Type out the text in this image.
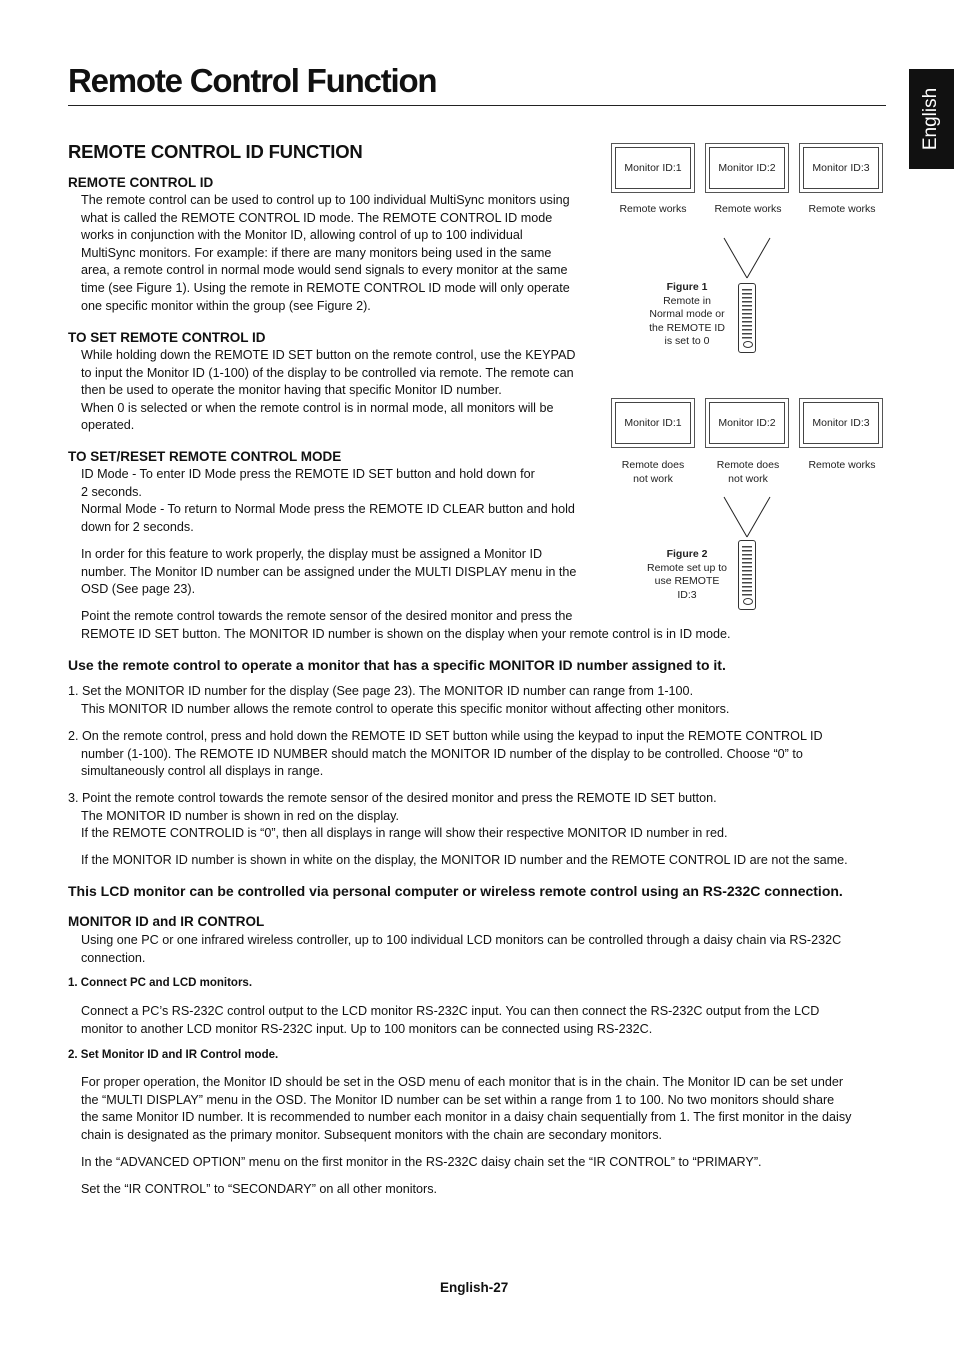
Remote Control Function
English
REMOTE CONTROL ID FUNCTION
REMOTE CONTROL ID

The remote control can be used to control up to 100 individual MultiSync monitors using

what is called the REMOTE CONTROL ID mode. The REMOTE CONTROL ID mode

works in conjunction with the Monitor ID, allowing control of up to 100 individual

MultiSync monitors. For example: if there are many monitors being used in the same

area, a remote control in normal mode would send signals to every monitor at the same

time (see Figure 1). Using the remote in REMOTE CONTROL ID mode will only operate

one specific monitor within the group (see Figure 2).

TO SET REMOTE CONTROL ID

While holding down the REMOTE ID SET button on the remote control, use the KEYPAD

to input the Monitor ID (1-100) of the display to be controlled via remote. The remote can

then be used to operate the monitor having that specific Monitor ID number.

When 0 is selected or when the remote control is in normal mode, all monitors will be

operated.

TO SET/RESET REMOTE CONTROL MODE

ID Mode - To enter ID Mode press the REMOTE ID SET button and hold down for

2 seconds.

Normal Mode - To return to Normal Mode press the REMOTE ID CLEAR button and hold

down for 2 seconds.

In order for this feature to work properly, the display must be assigned a Monitor ID

number. The Monitor ID number can be assigned under the MULTI DISPLAY menu in the

OSD (See page 23).

Point the remote control towards the remote sensor of the desired monitor and press the

REMOTE ID SET button. The MONITOR ID number is shown on the display when your remote control is in ID mode.

Use the remote control to operate a monitor that has a specific MONITOR ID number assigned to it.

1. Set the MONITOR ID number for the display (See page 23). The MONITOR ID number can range from 1-100.

This MONITOR ID number allows the remote control to operate this specific monitor without affecting other monitors.

2. On the remote control, press and hold down the REMOTE ID SET button while using the keypad to input the REMOTE CONTROL ID

number (1-100). The REMOTE ID NUMBER should match the MONITOR ID number of the display to be controlled. Choose “0” to

simultaneously control all displays in range.

3. Point the remote control towards the remote sensor of the desired monitor and press the REMOTE ID SET button.

The MONITOR ID number is shown in red on the display.

If the REMOTE CONTROLID is “0”, then all displays in range will show their respective MONITOR ID number in red.

If the MONITOR ID number is shown in white on the display, the MONITOR ID number and the REMOTE CONTROL ID are not the same.

This LCD monitor can be controlled via personal computer or wireless remote control using an RS-232C connection.

MONITOR ID and IR CONTROL

Using one PC or one infrared wireless controller, up to 100 individual LCD monitors can be controlled through a daisy chain via RS-232C

connection.

1. Connect PC and LCD monitors.

Connect a PC’s RS-232C control output to the LCD monitor RS-232C input. You can then connect the RS-232C output from the LCD

monitor to another LCD monitor RS-232C input. Up to 100 monitors can be connected using RS-232C.

2. Set Monitor ID and IR Control mode.

For proper operation, the Monitor ID should be set in the OSD menu of each monitor that is in the chain. The Monitor ID can be set under

the “MULTI DISPLAY” menu in the OSD. The Monitor ID number can be set within a range from 1 to 100. No two monitors should share

the same Monitor ID number. It is recommended to number each monitor in a daisy chain sequentially from 1. The first monitor in the daisy

chain is designated as the primary monitor. Subsequent monitors with the chain are secondary monitors.

In the “ADVANCED OPTION” menu on the first monitor in the RS-232C daisy chain set the “IR CONTROL” to “PRIMARY”.

Set the “IR CONTROL” to “SECONDARY” on all other monitors.

English-27
Monitor ID:1	Monitor ID:2	Monitor ID:3
Remote works	Remote works	Remote works
Figure 1
Remote in
Normal mode or
the REMOTE ID
is set to 0
Monitor ID:1	Monitor ID:2	Monitor ID:3
Remote does
not work
Remote does
not work
Remote works
Figure 2
Remote set up to
use REMOTE
ID:3
